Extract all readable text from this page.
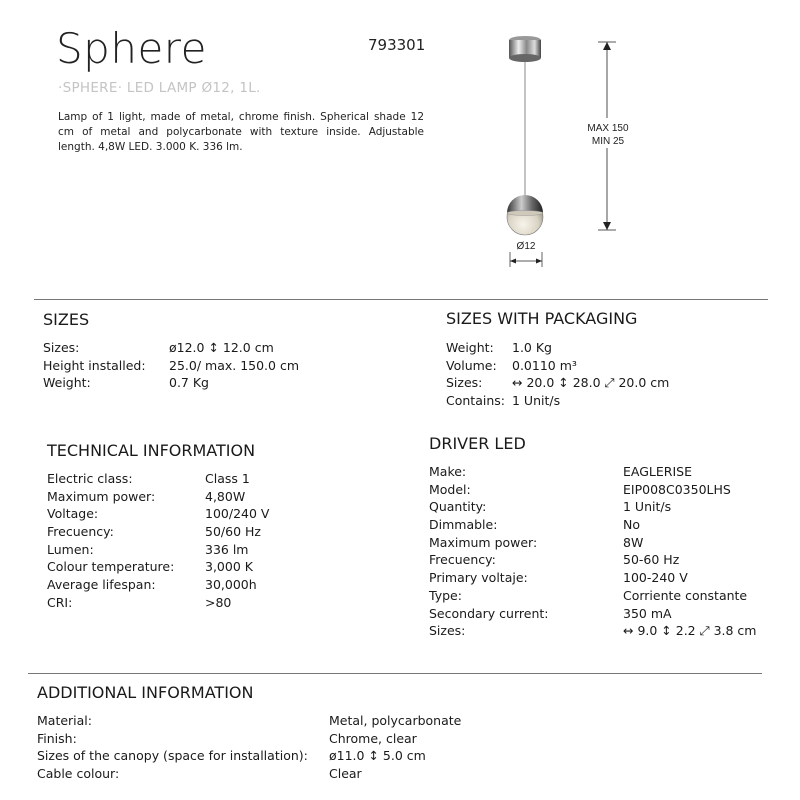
Sphere	793301
·SPHERE· LED LAMP Ø12, 1L.
Lamp of 1 light, made of metal, chrome finish. Spherical shade 12 cm of metal and polycarbonate with texture inside. Adjustable length. 4,8W LED. 3.000 K. 336 lm.
MAX 150
MIN 25
Ø12
SIZES
Sizes:	ø12.0 ↕ 12.0 cm
Height installed: 25.0/ max. 150.0 cm
Weight:	0.7 Kg
SIZES WITH PACKAGING
Weight: 1.0 Kg
Volume: 0.0110 m³
Sizes: ↔ 20.0 ↕ 28.0 ⤢ 20.0 cm
Contains: 1 Unit/s
TECHNICAL INFORMATION
Electric class:	Class 1
Maximum power:	4,80W
Voltage:	100/240 V
Frecuency:	50/60 Hz
Lumen:	336 lm
Colour temperature: 3,000 K
Average lifespan:	30,000h
CRI:	>80
DRIVER LED
Make:	EAGLERISE
Model:	EIP008C0350LHS
Quantity:	1 Unit/s
Dimmable:	No
Maximum power:	8W
Frecuency:	50-60 Hz
Primary voltaje:	100-240 V
Type:	Corriente constante
Secondary current:	350 mA
Sizes:	↔ 9.0 ↕ 2.2 ⤢ 3.8 cm
ADDITIONAL INFORMATION
Material:	Metal, polycarbonate
Finish:	Chrome, clear
Sizes of the canopy (space for installation): ø11.0 ↕ 5.0 cm
Cable colour:	Clear
